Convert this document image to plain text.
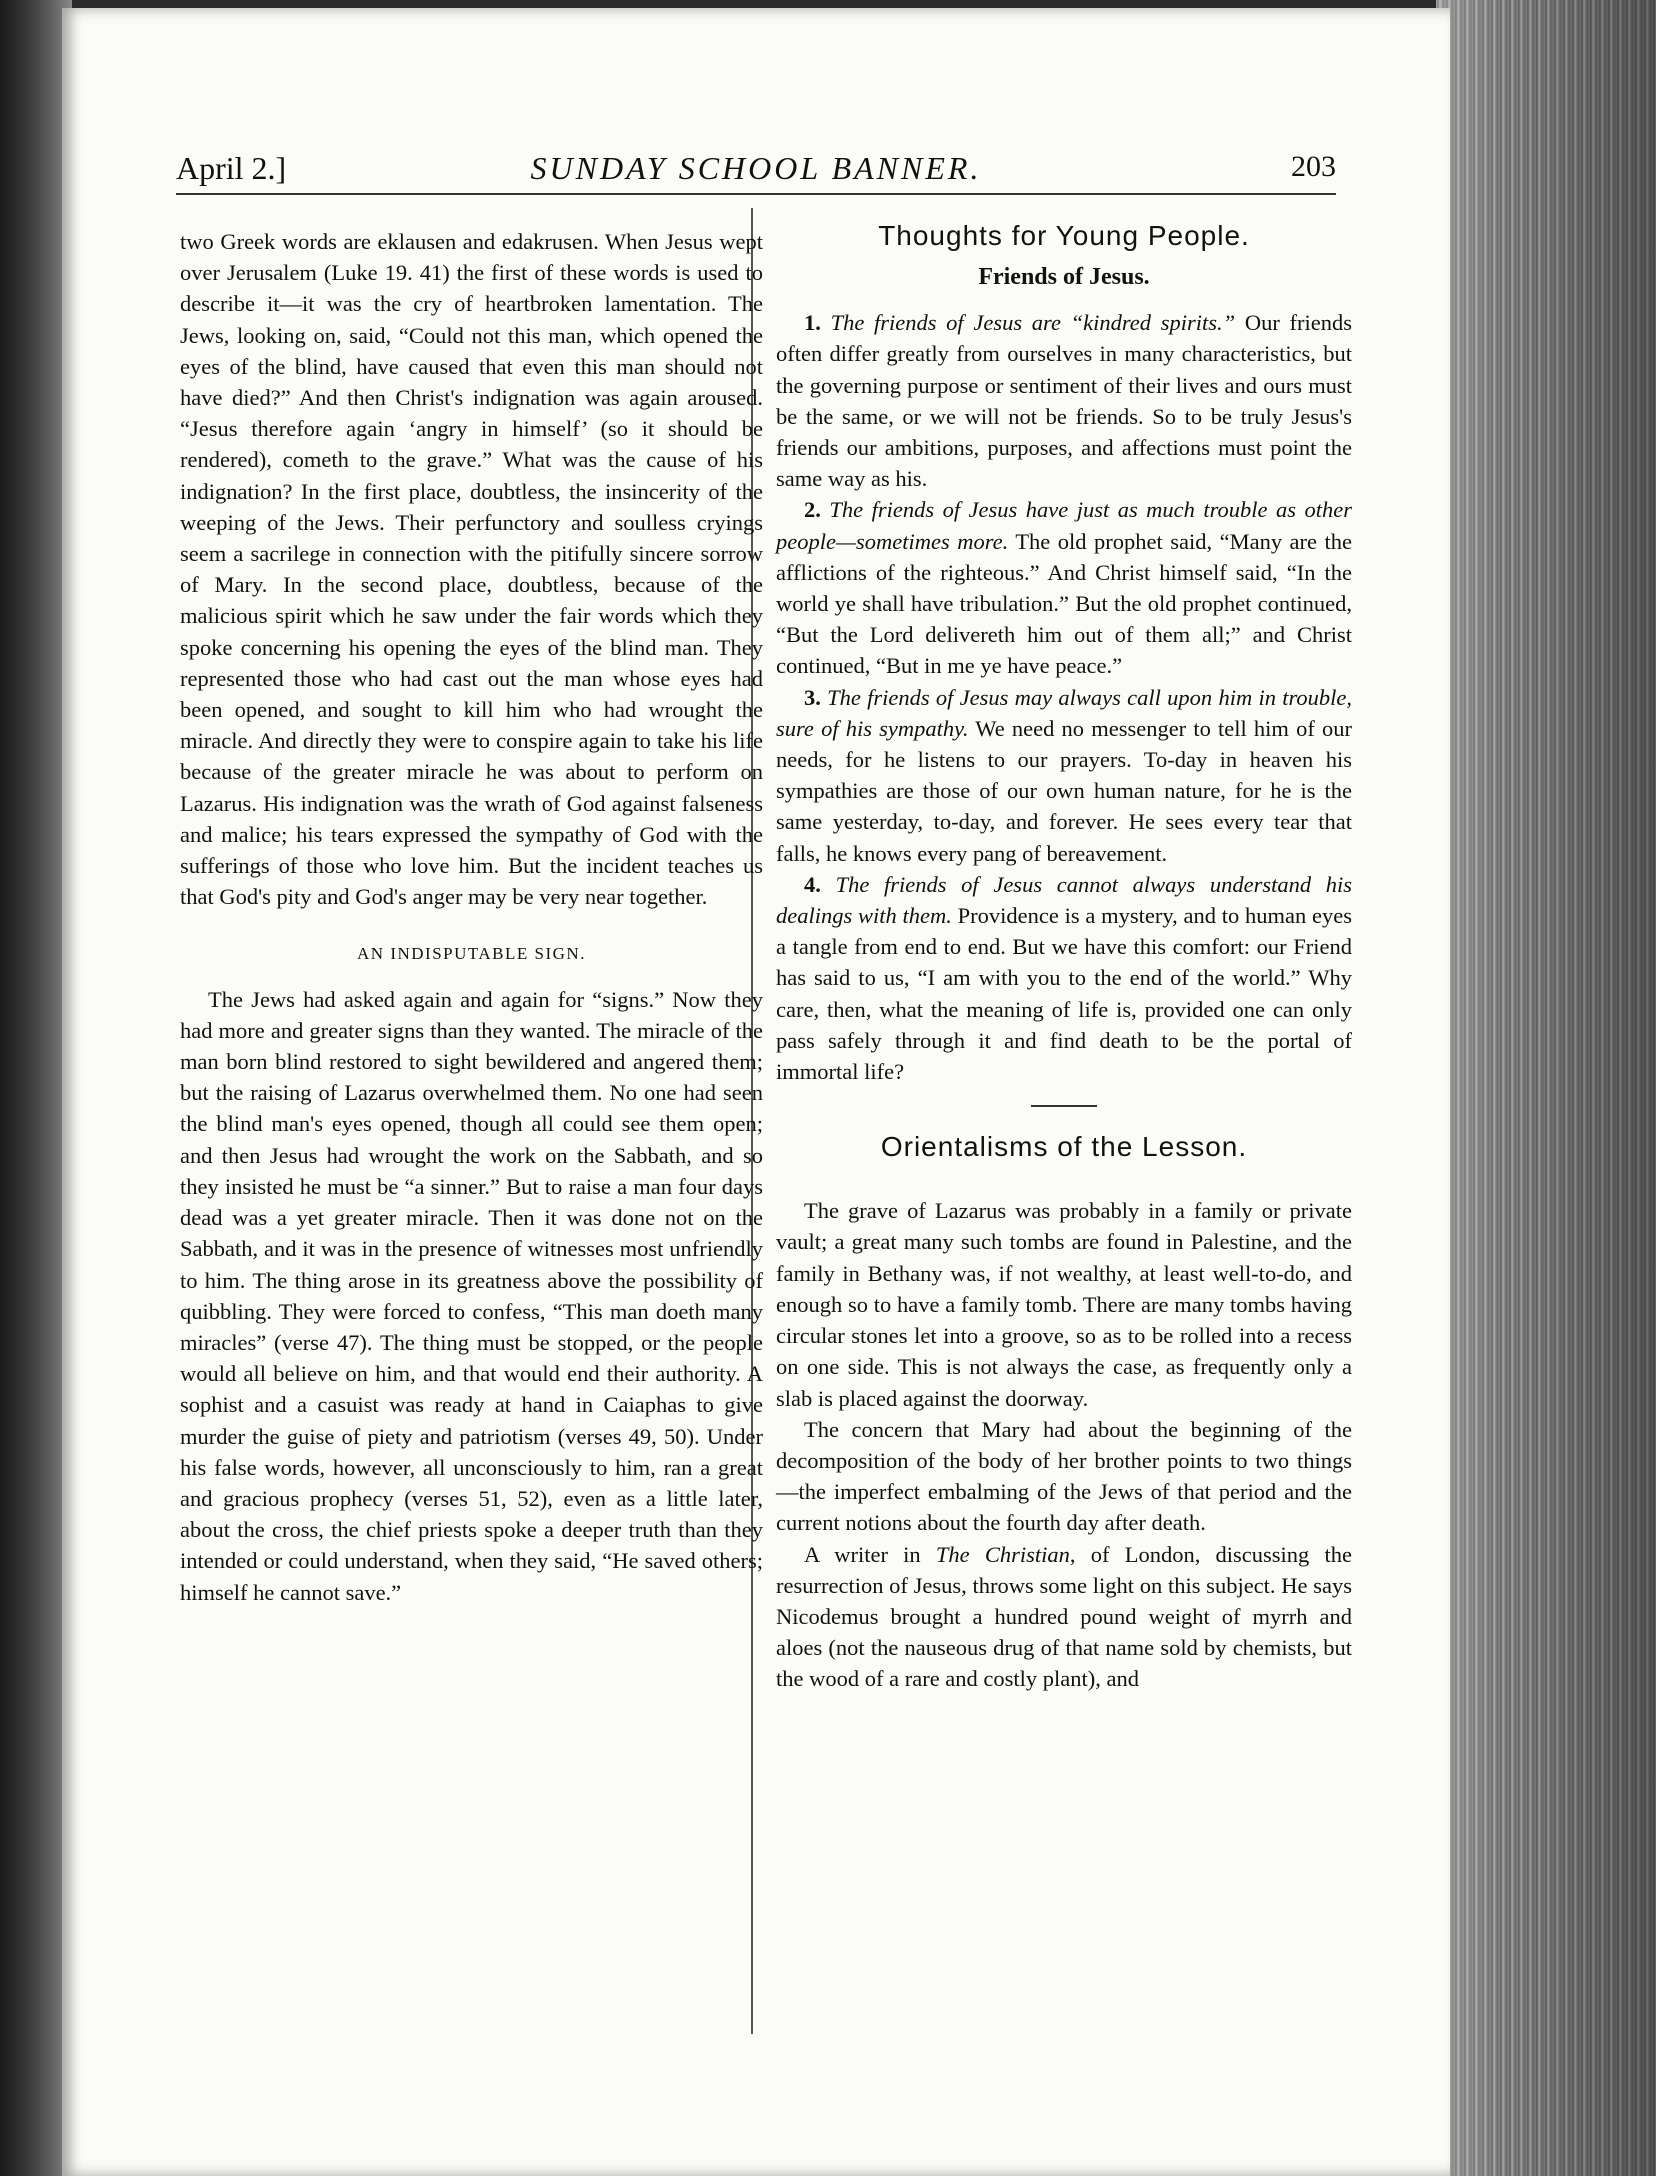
April 2.]	SUNDAY SCHOOL BANNER.	203

two Greek words are eklausen and edakrusen. When Jesus wept over Jerusalem (Luke 19. 41) the first of these words is used to describe it—it was the cry of heartbroken lamentation. The Jews, looking on, said, “Could not this man, which opened the eyes of the blind, have caused that even this man should not have died?” And then Christ's indignation was again aroused. “Jesus therefore again ‘angry in himself’ (so it should be rendered), cometh to the grave.” What was the cause of his indignation? In the first place, doubtless, the insincerity of the weeping of the Jews. Their perfunctory and soulless cryings seem a sacrilege in connection with the pitifully sincere sorrow of Mary. In the second place, doubtless, because of the malicious spirit which he saw under the fair words which they spoke concerning his opening the eyes of the blind man. They represented those who had cast out the man whose eyes had been opened, and sought to kill him who had wrought the miracle. And directly they were to conspire again to take his life because of the greater miracle he was about to perform on Lazarus. His indignation was the wrath of God against falseness and malice; his tears expressed the sympathy of God with the sufferings of those who love him. But the incident teaches us that God's pity and God's anger may be very near together.

AN INDISPUTABLE SIGN.

The Jews had asked again and again for “signs.” Now they had more and greater signs than they wanted. The miracle of the man born blind restored to sight bewildered and angered them; but the raising of Lazarus overwhelmed them. No one had seen the blind man's eyes opened, though all could see them open; and then Jesus had wrought the work on the Sabbath, and so they insisted he must be “a sinner.” But to raise a man four days dead was a yet greater miracle. Then it was done not on the Sabbath, and it was in the presence of witnesses most unfriendly to him. The thing arose in its greatness above the possibility of quibbling. They were forced to confess, “This man doeth many miracles” (verse 47). The thing must be stopped, or the people would all believe on him, and that would end their authority. A sophist and a casuist was ready at hand in Caiaphas to give murder the guise of piety and patriotism (verses 49, 50). Under his false words, however, all unconsciously to him, ran a great and gracious prophecy (verses 51, 52), even as a little later, about the cross, the chief priests spoke a deeper truth than they intended or could understand, when they said, “He saved others; himself he cannot save.”

Thoughts for Young People.
Friends of Jesus.

1. The friends of Jesus are “kindred spirits.” Our friends often differ greatly from ourselves in many characteristics, but the governing purpose or sentiment of their lives and ours must be the same, or we will not be friends. So to be truly Jesus's friends our ambitions, purposes, and affections must point the same way as his.

2. The friends of Jesus have just as much trouble as other people—sometimes more. The old prophet said, “Many are the afflictions of the righteous.” And Christ himself said, “In the world ye shall have tribulation.” But the old prophet continued, “But the Lord delivereth him out of them all;” and Christ continued, “But in me ye have peace.”

3. The friends of Jesus may always call upon him in trouble, sure of his sympathy. We need no messenger to tell him of our needs, for he listens to our prayers. To-day in heaven his sympathies are those of our own human nature, for he is the same yesterday, to-day, and forever. He sees every tear that falls, he knows every pang of bereavement.

4. The friends of Jesus cannot always understand his dealings with them. Providence is a mystery, and to human eyes a tangle from end to end. But we have this comfort: our Friend has said to us, “I am with you to the end of the world.” Why care, then, what the meaning of life is, provided one can only pass safely through it and find death to be the portal of immortal life?

Orientalisms of the Lesson.

The grave of Lazarus was probably in a family or private vault; a great many such tombs are found in Palestine, and the family in Bethany was, if not wealthy, at least well-to-do, and enough so to have a family tomb. There are many tombs having circular stones let into a groove, so as to be rolled into a recess on one side. This is not always the case, as frequently only a slab is placed against the doorway.

The concern that Mary had about the beginning of the decomposition of the body of her brother points to two things—the imperfect embalming of the Jews of that period and the current notions about the fourth day after death.

A writer in The Christian, of London, discussing the resurrection of Jesus, throws some light on this subject. He says Nicodemus brought a hundred pound weight of myrrh and aloes (not the nauseous drug of that name sold by chemists, but the wood of a rare and costly plant), and
